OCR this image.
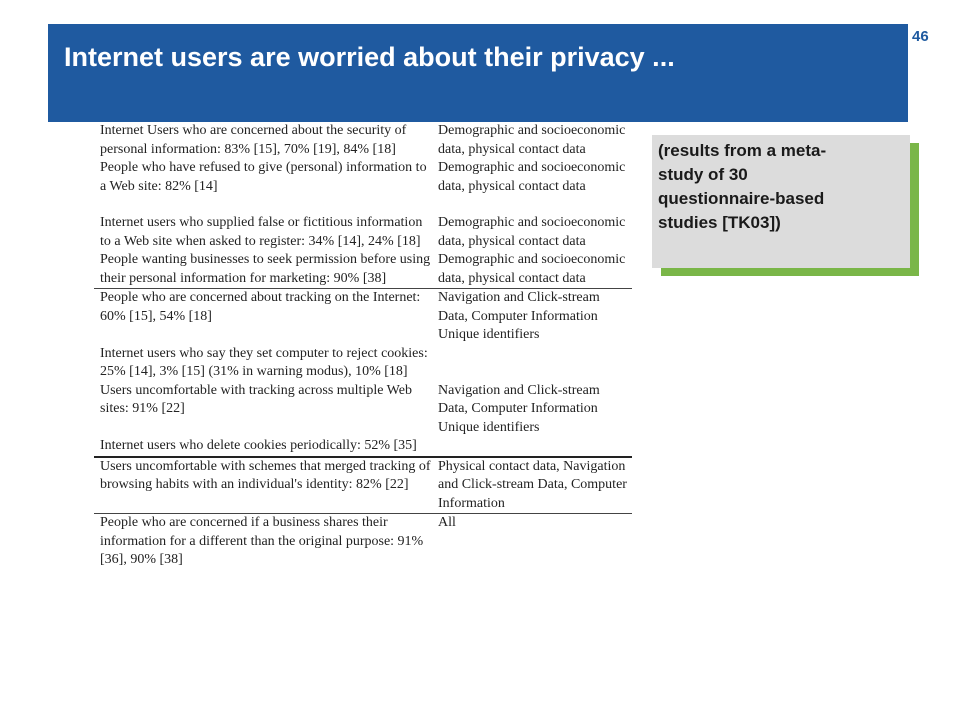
Internet users are worried about their privacy ...
46
Internet Users who are concerned about the security of personal information: 83% [15], 70% [19], 84% [18]	Demographic and socioeconomic data, physical contact data
People who have refused to give (personal) information to a Web site: 82% [14]	Demographic and socioeconomic data, physical contact data
Internet users who supplied false or fictitious information to a Web site when asked to register: 34% [14], 24% [18]	Demographic and socioeconomic data, physical contact data
People wanting businesses to seek permission before using their personal information for marketing: 90% [38]	Demographic and socioeconomic data, physical contact data
People who are concerned about tracking on the Internet: 60% [15], 54% [18]	Navigation and Click-stream Data, Computer Information Unique identifiers
Internet users who say they set computer to reject cookies: 25% [14], 3% [15] (31% in warning modus), 10% [18]	
Users uncomfortable with tracking across multiple Web sites: 91% [22]	Navigation and Click-stream Data, Computer Information Unique identifiers
Internet users who delete cookies periodically: 52% [35]	
Users uncomfortable with schemes that merged tracking of browsing habits with an individual's identity: 82% [22]	Physical contact data, Navigation and Click-stream Data, Computer Information
People who are concerned if a business shares their information for a different than the original purpose: 91% [36], 90% [38]	All
(results from a meta-
study of 30
questionnaire-based
studies [TK03])
